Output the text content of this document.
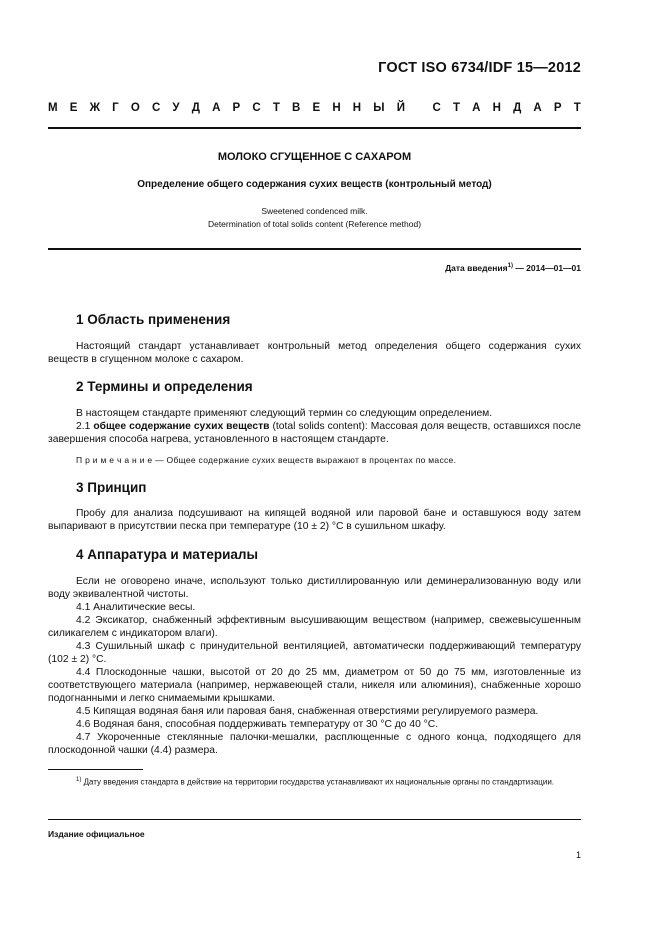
ГОСТ ISO 6734/IDF 15—2012
М Е Ж Г О С У Д А Р С Т В Е Н Н Ы Й
С Т А Н Д А Р Т
МОЛОКО СГУЩЕННОЕ С САХАРОМ
Определение общего содержания сухих веществ (контрольный метод)
Sweetened condenced milk.
Determination of total solids content (Reference method)
Дата введения$^{1)}$ — 2014—01—01
1 Область применения
Настоящий стандарт устанавливает контрольный метод определения общего содержания сухих веществ в сгущенном молоке с сахаром.
2 Термины и определения
В настоящем стандарте применяют следующий термин со следующим определением.
2.1 общее содержание сухих веществ (total solids content): Массовая доля веществ, оставшихся после завершения способа нагрева, установленного в настоящем стандарте.
П р и м е ч а н и е — Общее содержание сухих веществ выражают в процентах по массе.
3 Принцип
Пробу для анализа подсушивают на кипящей водяной или паровой бане и оставшуюся воду затем выпаривают в присутствии песка при температуре (10 ± 2) °С в сушильном шкафу.
4 Аппаратура и материалы
Если не оговорено иначе, используют только дистиллированную или деминерализованную воду или воду эквивалентной чистоты.
4.1 Аналитические весы.
4.2 Эксикатор, снабженный эффективным высушивающим веществом (например, свежевысушенным силикагелем с индикатором влаги).
4.3 Сушильный шкаф с принудительной вентиляцией, автоматически поддерживающий температуру (102 ± 2) °С.
4.4 Плоскодонные чашки, высотой от 20 до 25 мм, диаметром от 50 до 75 мм, изготовленные из соответствующего материала (например, нержавеющей стали, никеля или алюминия), снабженные хорошо подогнанными и легко снимаемыми крышками.
4.5 Кипящая водяная баня или паровая баня, снабженная отверстиями регулируемого размера.
4.6 Водяная баня, способная поддерживать температуру от 30 °С до 40 °С.
4.7 Укороченные стеклянные палочки-мешалки, расплющенные с одного конца, подходящего для плоскодонной чашки (4.4) размера.
$^{1)}$ Дату введения стандарта в действие на территории государства устанавливают их национальные органы по стандартизации.
Издание официальное
1
